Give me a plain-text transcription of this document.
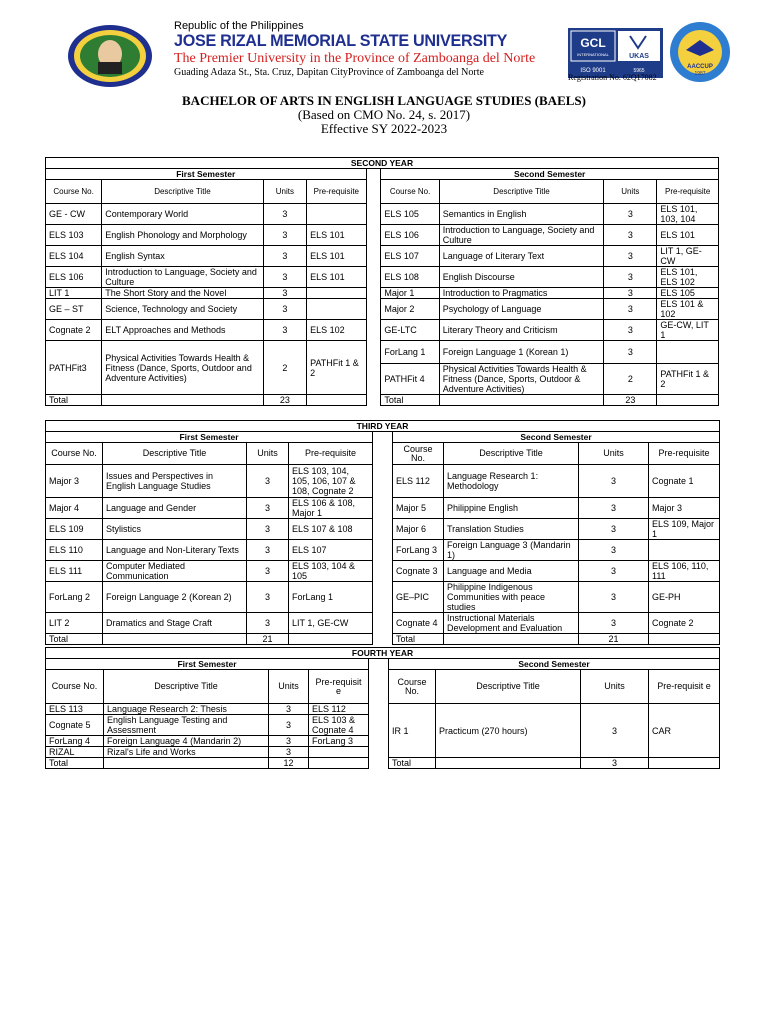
Republic of the Philippines
JOSE RIZAL MEMORIAL STATE UNIVERSITY
The Premier University in the Province of Zamboanga del Norte
Guading Adaza St., Sta. Cruz, Dapitan CityProvince of Zamboanga del Norte
GCL
INTERNATIONAL	UKAS
ISO 9001	5965
AACCUP
1987
Registration No. 62Q17082
BACHELOR OF ARTS IN ENGLISH LANGUAGE STUDIES (BAELS)
(Based on CMO No. 24, s. 2017)
Effective SY 2022-2023
SECOND YEAR								
First Semester					Second Semester			
Course No.	Descriptive Title	Units	Pre-requisite		Course No.	Descriptive Title	Units	Pre-requisite
GE - CW	Contemporary World	3			ELS 105	Semantics in English	3	ELS 101, 103, 104
ELS 103	English Phonology and Morphology	3	ELS 101		ELS 106	Introduction to Language, Society and Culture	3	ELS 101
ELS 104	English Syntax	3	ELS 101		ELS 107	Language of Literary Text	3	LIT 1, GE-CW
ELS 106	Introduction to Language, Society and Culture	3	ELS 101		ELS 108	English Discourse	3	ELS 101, ELS 102
LIT 1	The Short Story and the Novel	3			Major 1	Introduction to Pragmatics	3	ELS 105
GE – ST	Science, Technology and Society	3			Major 2	Psychology of Language	3	ELS 101 & 102
Cognate 2	ELT Approaches and Methods	3	ELS 102		GE-LTC	Literary Theory and Criticism	3	GE-CW, LIT 1
PATHFit3	Physical Activities Towards Health & Fitness (Dance, Sports, Outdoor and Adventure Activities)	2	PATHFit 1 & 2		ForLang 1	Foreign Language 1 (Korean 1)	3	
					PATHFit 4	Physical Activities Towards Health & Fitness (Dance, Sports, Outdoor & Adventure Activities)	2	PATHFit 1 & 2
Total		23			Total		23	
THIRD YEAR								
First Semester					Second Semester			
Course No.	Descriptive Title	Units	Pre-requisite		Course No.	Descriptive Title	Units	Pre-requisite
Major 3	Issues and Perspectives in English Language Studies	3	ELS 103, 104, 105, 106, 107 & 108, Cognate 2		ELS 112	Language Research 1: Methodology	3	Cognate 1
Major 4	Language and Gender	3	ELS 106 & 108, Major 1		Major 5	Philippine English	3	Major 3
ELS 109	Stylistics	3	ELS 107 & 108		Major 6	Translation Studies	3	ELS 109, Major 1
ELS 110	Language and Non-Literary Texts	3	ELS 107		ForLang 3	Foreign Language 3 (Mandarin 1)	3	
ELS 111	Computer Mediated Communication	3	ELS 103, 104 & 105		Cognate 3	Language and Media	3	ELS 106, 110, 111
ForLang 2	Foreign Language 2 (Korean 2)	3	ForLang 1		GE–PIC	Philippine Indigenous Communities with peace studies	3	GE-PH
LIT 2	Dramatics and Stage Craft	3	LIT 1, GE-CW		Cognate 4	Instructional Materials Development and Evaluation	3	Cognate 2
Total		21			Total		21	
FOURTH YEAR								
First Semester					Second Semester			
Course No.	Descriptive Title	Units	Pre-requisit e		Course No.	Descriptive Title	Units	Pre-requisit e
ELS 113	Language Research 2: Thesis	3	ELS 112		IR 1	Practicum (270 hours)	3	CAR
Cognate 5	English Language Testing and Assessment	3	ELS 103 & Cognate 4					
ForLang 4	Foreign Language 4 (Mandarin 2)	3	ForLang 3					
RIZAL	Rizal's Life and Works	3						
Total		12			Total		3	
